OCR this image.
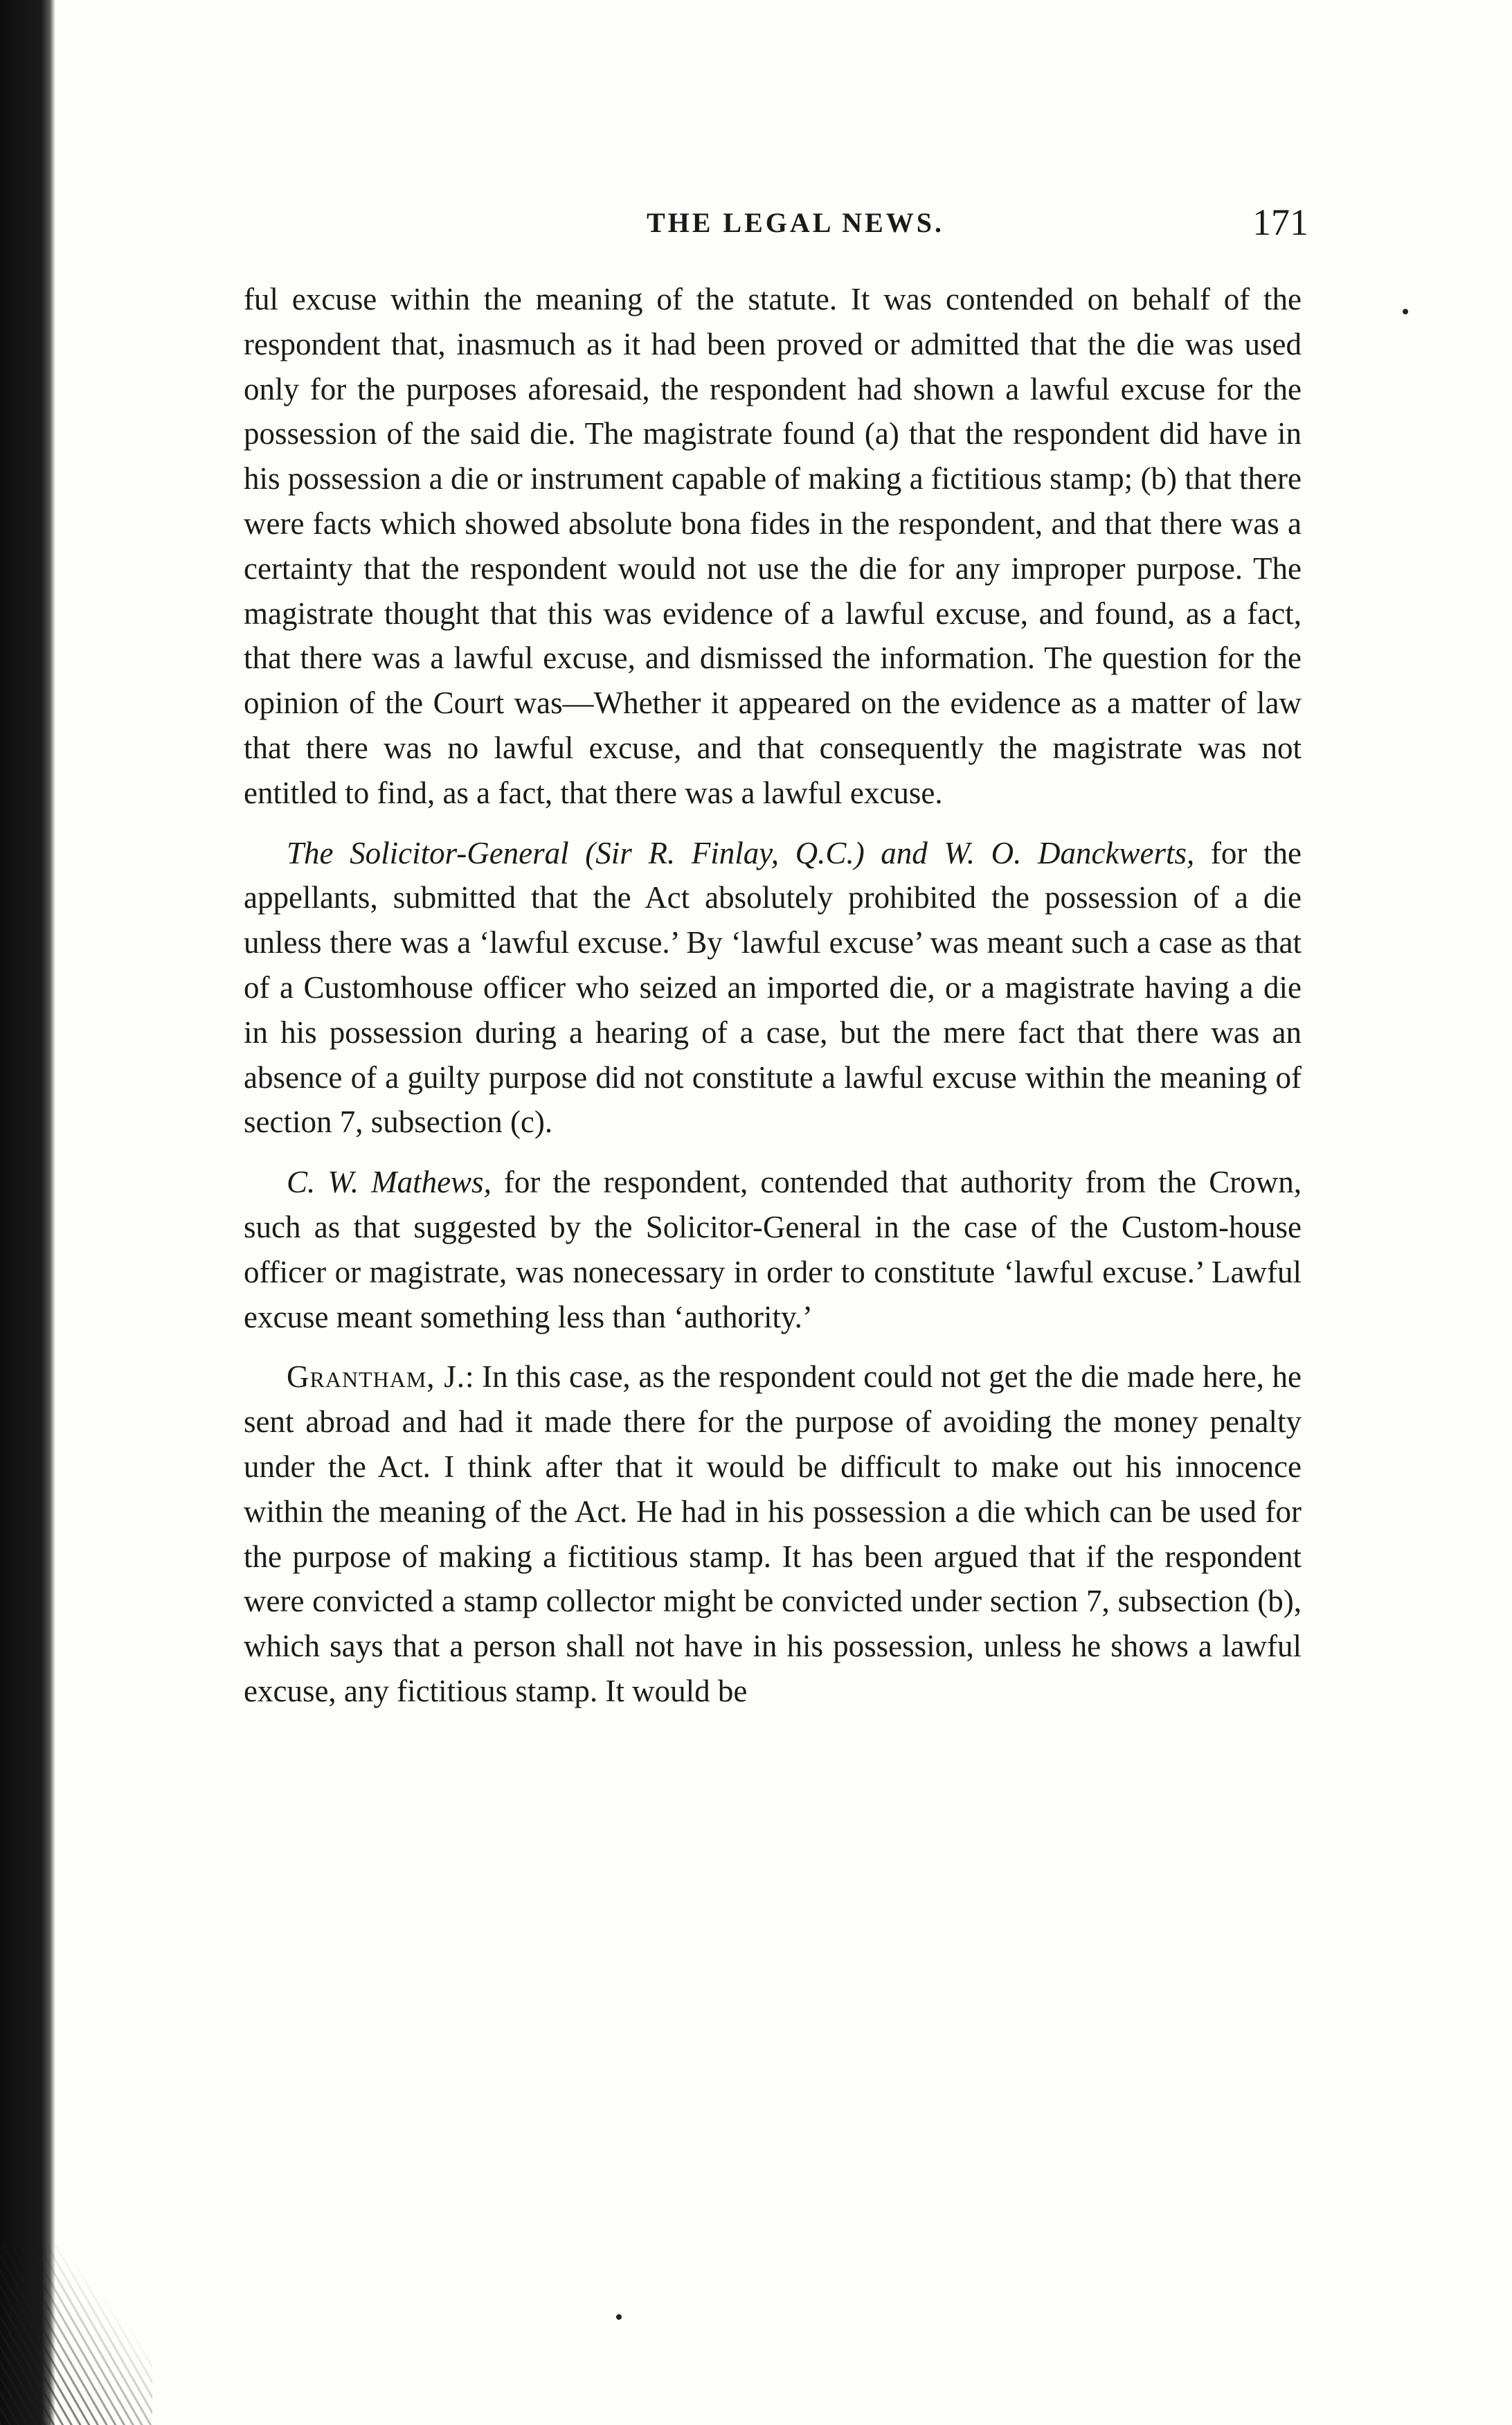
THE LEGAL NEWS.	171

ful excuse within the meaning of the statute. It was contended on behalf of the respondent that, inasmuch as it had been proved or admitted that the die was used only for the purposes aforesaid, the respondent had shown a lawful excuse for the possession of the said die. The magistrate found (a) that the respondent did have in his possession a die or instrument capable of making a fictitious stamp; (b) that there were facts which showed absolute bona fides in the respondent, and that there was a certainty that the respondent would not use the die for any improper purpose. The magistrate thought that this was evidence of a lawful excuse, and found, as a fact, that there was a lawful excuse, and dismissed the information. The question for the opinion of the Court was—Whether it appeared on the evidence as a matter of law that there was no lawful excuse, and that consequently the magistrate was not entitled to find, as a fact, that there was a lawful excuse.

The Solicitor-General (Sir R. Finlay, Q.C.) and W. O. Danckwerts, for the appellants, submitted that the Act absolutely prohibited the possession of a die unless there was a ‘lawful excuse.’ By ‘lawful excuse’ was meant such a case as that of a Customhouse officer who seized an imported die, or a magistrate having a die in his possession during a hearing of a case, but the mere fact that there was an absence of a guilty purpose did not constitute a lawful excuse within the meaning of section 7, subsection (c).

C. W. Mathews, for the respondent, contended that authority from the Crown, such as that suggested by the Solicitor-General in the case of the Custom-house officer or magistrate, was nonecessary in order to constitute ‘lawful excuse.’ Lawful excuse meant something less than ‘authority.’

Grantham, J.: In this case, as the respondent could not get the die made here, he sent abroad and had it made there for the purpose of avoiding the money penalty under the Act. I think after that it would be difficult to make out his innocence within the meaning of the Act. He had in his possession a die which can be used for the purpose of making a fictitious stamp. It has been argued that if the respondent were convicted a stamp collector might be convicted under section 7, subsection (b), which says that a person shall not have in his possession, unless he shows a lawful excuse, any fictitious stamp. It would be
